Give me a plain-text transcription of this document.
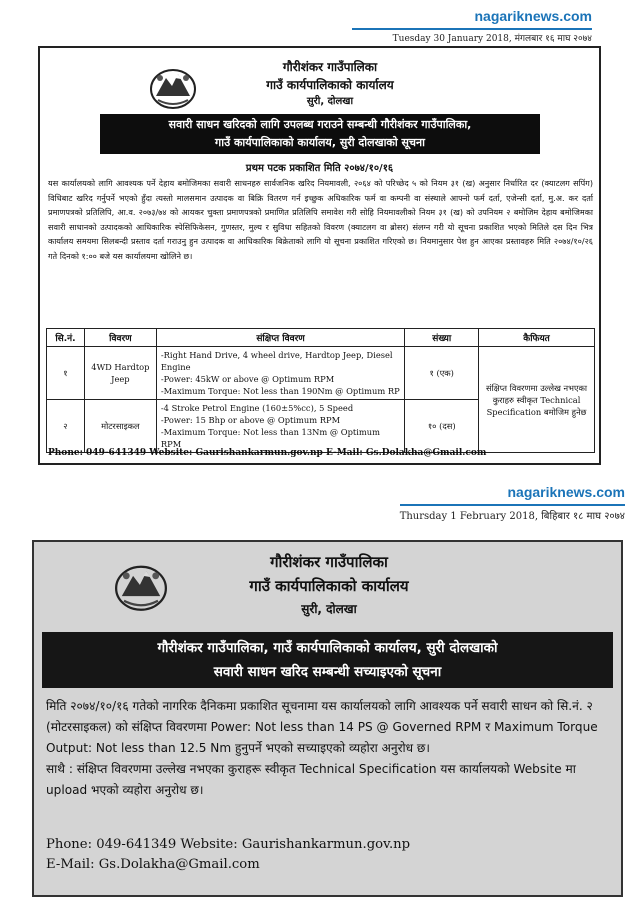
nagariknews.com
Tuesday 30 January 2018, मंगलबार १६ माघ २०७४
गौरीशंकर गाउँपालिका
गाउँ कार्यपालिकाको कार्यालय
सुरी, दोलखा
सवारी साधन खरिदको लागि उपलब्ध गराउने सम्बन्धी गौरीशंकर गाउँपालिका,
गाउँ कार्यपालिकाको कार्यालय, सुरी दोलखाको सूचना
प्रथम पटक प्रकाशित मिति २०७४/१०/१६
यस कार्यालयको लागि आवश्यक पर्ने देहाय बमोजिमका सवारी साधनहरु सार्वजनिक खरिद नियमावली, २०६४ को परिच्छेद ५ को नियम ३१ (ख) अनुसार निर्धारित दर (क्याटलग सपिंग) विधिबाट खरिद गर्नुपर्ने भएको हुँदा त्यस्तो मालसमान उत्पादक वा बिक्रि वितरण गर्न इच्छुक अधिकारिक फर्म वा कम्पनी वा संस्थाले आफ्नो फर्म दर्ता, एजेन्सी दर्ता, मु.अ. कर दर्ता प्रमाणपत्रको प्रतिलिपि, आ.व. २०७३/७४ को आयकर चुक्ता प्रमाणपत्रको प्रमाणित प्रतिलिपि समावेश गरी सोहि नियमावलीको नियम ३१ (ख) को उपनियम २ बमोजिम देहाय बमोजिमका सवारी साधानको उत्पादकको आधिकारिक स्पेसिफिकेसन, गुणस्तर, मुल्य र सुविधा सहितको विवरण (क्याटलग वा ब्रोसर) संलग्न गरी यो सूचना प्रकाशित भएको मितिले दस दिन भित्र कार्यालय समयमा सिलबन्दी प्रस्ताव दर्ता गराउनु हुन उत्पादक वा आधिकारिक बिक्रेताको लागि यो सूचना प्रकाशित गरिएको छ। नियमानुसार पेश हुन आएका प्रस्तावहरु मिति २०७४/१०/२६ गते दिनको १:०० बजे यस कार्यालयमा खोलिने छ।
सि.नं.	विवरण	संक्षिप्त विवरण	संख्या	कैफियत
१	4WD Hardtop Jeep	-Right Hand Drive, 4 wheel drive, Hardtop Jeep, Diesel Engine
-Power: 45kW or above @ Optimum RPM
-Maximum Torque: Not less than 190Nm @ Optimum RP	१ (एक)	संक्षिप्त विवरणमा उल्लेख नभएका कुराहरु स्वीकृत Technical Specification बमोजिम हुनेछ
२	मोटरसाइकल	-4 Stroke Petrol Engine (160±5%cc), 5 Speed
-Power: 15 Bhp or above @ Optimum RPM
-Maximum Torque: Not less than 13Nm @ Optimum RPM	१० (दस)	
Phone: 049-641349 Website: Gaurishankarmun.gov.np E-Mail: Gs.Dolakha@Gmail.com
nagariknews.com
Thursday 1 February 2018, बिहिबार १८ माघ २०७४
गौरीशंकर गाउँपालिका
गाउँ कार्यपालिकाको कार्यालय
सुरी, दोलखा
गौरीशंकर गाउँपालिका, गाउँ कार्यपालिकाको कार्यालय, सुरी दोलखाको
सवारी साधन खरिद सम्बन्धी सच्याइएको सूचना

मिति २०७४/१०/१६ गतेको नागरिक दैनिकमा प्रकाशित सूचनामा यस कार्यालयको लागि आवश्यक पर्ने सवारी साधन को सि.नं. २ (मोटरसाइकल) को संक्षिप्त विवरणमा Power: Not less than 14 PS @ Governed RPM र Maximum Torque Output: Not less than 12.5 Nm हुनुपर्ने भएको सच्याइएको व्यहोरा अनुरोध छ।

साथै : संक्षिप्त विवरणमा उल्लेख नभएका कुराहरू स्वीकृत Technical Specification यस कार्यालयको Website मा upload भएको व्यहोरा अनुरोध छ।

Phone: 049-641349 Website: Gaurishankarmun.gov.np
E-Mail: Gs.Dolakha@Gmail.com
